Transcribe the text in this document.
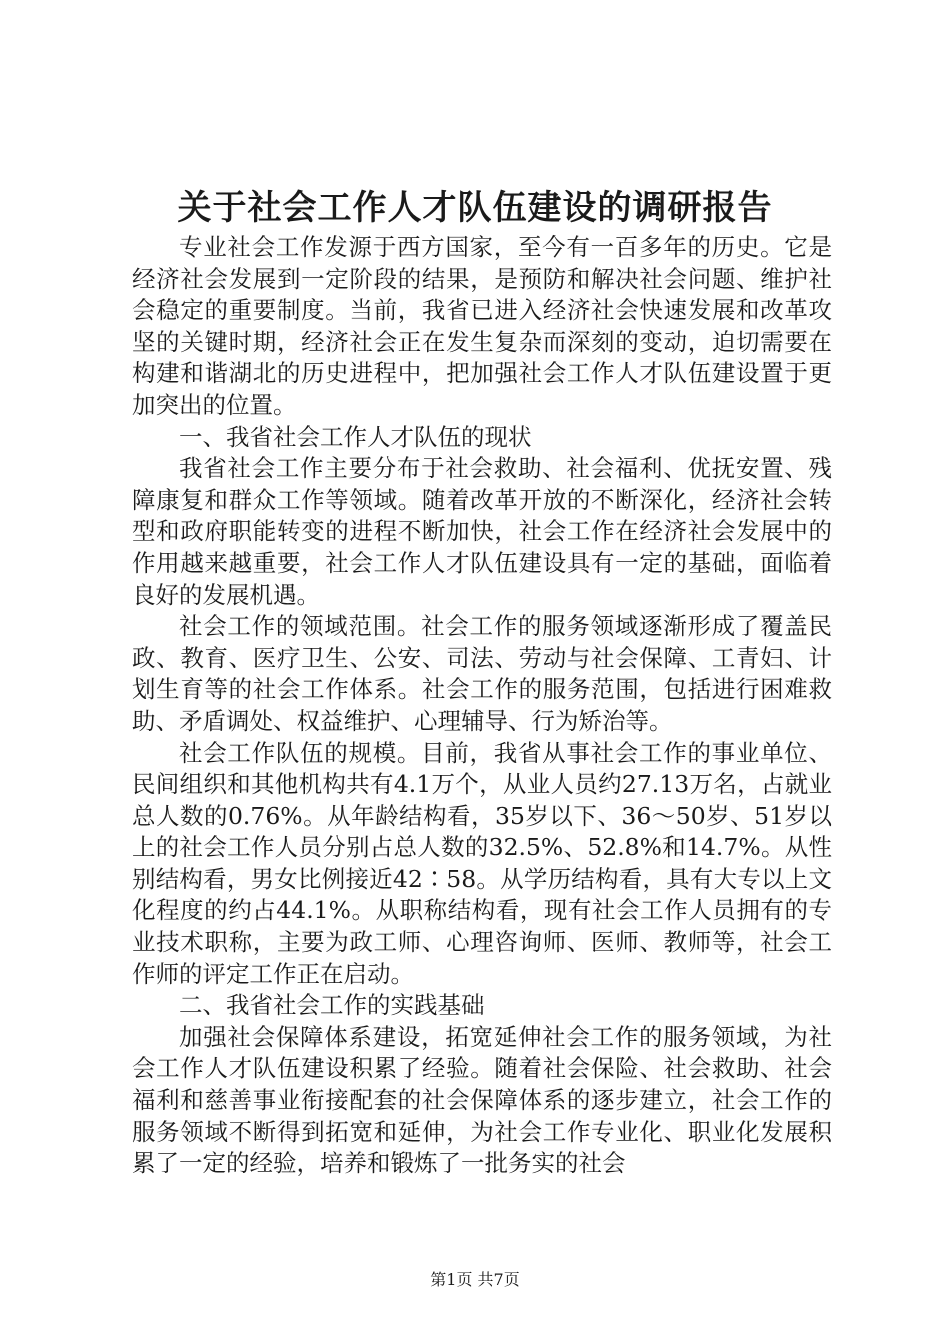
关于社会工作人才队伍建设的调研报告

专业社会工作发源于西方国家，至今有一百多年的历史。它是经济社会发展到一定阶段的结果，是预防和解决社会问题、维护社会稳定的重要制度。当前，我省已进入经济社会快速发展和改革攻坚的关键时期，经济社会正在发生复杂而深刻的变动，迫切需要在构建和谐湖北的历史进程中，把加强社会工作人才队伍建设置于更加突出的位置。

一、我省社会工作人才队伍的现状

我省社会工作主要分布于社会救助、社会福利、优抚安置、残障康复和群众工作等领域。随着改革开放的不断深化，经济社会转型和政府职能转变的进程不断加快，社会工作在经济社会发展中的作用越来越重要，社会工作人才队伍建设具有一定的基础，面临着良好的发展机遇。

社会工作的领域范围。社会工作的服务领域逐渐形成了覆盖民政、教育、医疗卫生、公安、司法、劳动与社会保障、工青妇、计划生育等的社会工作体系。社会工作的服务范围，包括进行困难救助、矛盾调处、权益维护、心理辅导、行为矫治等。

社会工作队伍的规模。目前，我省从事社会工作的事业单位、民间组织和其他机构共有4.1万个，从业人员约27.13万名，占就业总人数的0.76%。从年龄结构看，35岁以下、36～50岁、51岁以上的社会工作人员分别占总人数的32.5%、52.8%和14.7%。从性别结构看，男女比例接近42∶58。从学历结构看，具有大专以上文化程度的约占44.1%。从职称结构看，现有社会工作人员拥有的专业技术职称，主要为政工师、心理咨询师、医师、教师等，社会工作师的评定工作正在启动。

二、我省社会工作的实践基础

加强社会保障体系建设，拓宽延伸社会工作的服务领域，为社会工作人才队伍建设积累了经验。随着社会保险、社会救助、社会福利和慈善事业衔接配套的社会保障体系的逐步建立，社会工作的服务领域不断得到拓宽和延伸，为社会工作专业化、职业化发展积累了一定的经验，培养和锻炼了一批务实的社会

第1页 共7页
